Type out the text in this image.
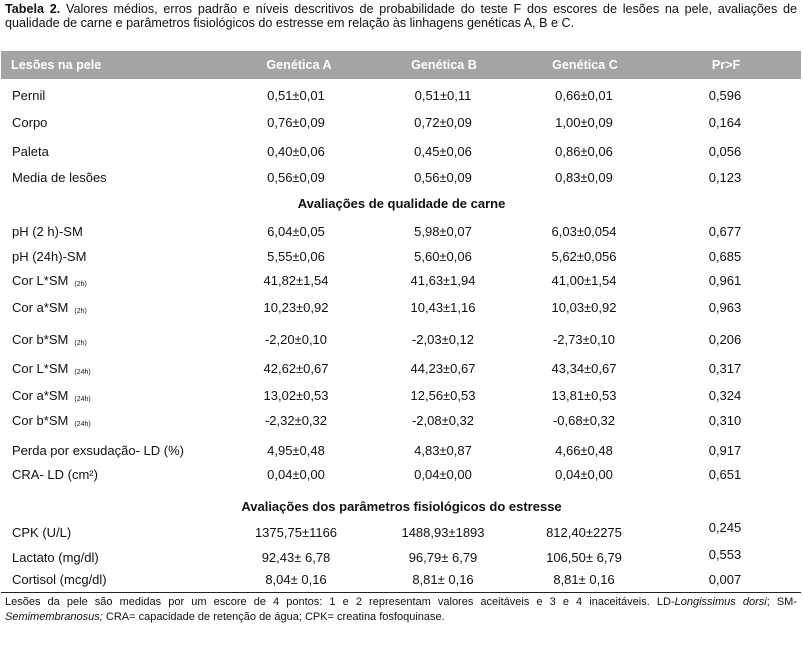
Tabela 2. Valores médios, erros padrão e níveis descritivos de probabilidade do teste F dos escores de lesões na pele, avaliações de qualidade de carne e parâmetros fisiológicos do estresse em relação às linhagens genéticas A, B e C.
Lesões na pele	Genética A	Genética B	Genética C	Pr>F
Pernil	0,51±0,01	0,51±0,11	0,66±0,01	0,596
Corpo	0,76±0,09	0,72±0,09	1,00±0,09	0,164
Paleta	0,40±0,06	0,45±0,06	0,86±0,06	0,056
Media de lesões	0,56±0,09	0,56±0,09	0,83±0,09	0,123
pH (2 h)-SM	6,04±0,05	5,98±0,07	6,03±0,054	0,677
pH (24h)-SM	5,55±0,06	5,60±0,06	5,62±0,056	0,685
Cor L*SM $_{(2h)}$	41,82±1,54	41,63±1,94	41,00±1,54	0,961
Cor a*SM $_{(2h)}$	10,23±0,92	10,43±1,16	10,03±0,92	0,963
Cor b*SM $_{(2h)}$	-2,20±0,10	-2,03±0,12	-2,73±0,10	0,206
Cor L*SM $_{(24h)}$	42,62±0,67	44,23±0,67	43,34±0,67	0,317
Cor a*SM $_{(24h)}$	13,02±0,53	12,56±0,53	13,81±0,53	0,324
Cor b*SM $_{(24h)}$	-2,32±0,32	-2,08±0,32	-0,68±0,32	0,310
Perda por exsudação- LD (%)	4,95±0,48	4,83±0,87	4,66±0,48	0,917
CRA- LD (cm²)	0,04±0,00	0,04±0,00	0,04±0,00	0,651
CPK (U/L)	1375,75±1166	1488,93±1893	812,40±2275	0,245
Lactato (mg/dl)	92,43± 6,78	96,79± 6,79	106,50± 6,79	0,553
Cortisol (mcg/dl)	8,04± 0,16	8,81± 0,16	8,81± 0,16	0,007
Avaliações de qualidade de carne
Avaliações dos parâmetros fisiológicos do estresse
Lesões da pele são medidas por um escore de 4 pontos: 1 e 2 representam valores aceitáveis e 3 e 4 inaceitáveis. LD-Longissimus dorsi; SM-Semimembranosus; CRA= capacidade de retenção de água; CPK= creatina fosfoquinase.
